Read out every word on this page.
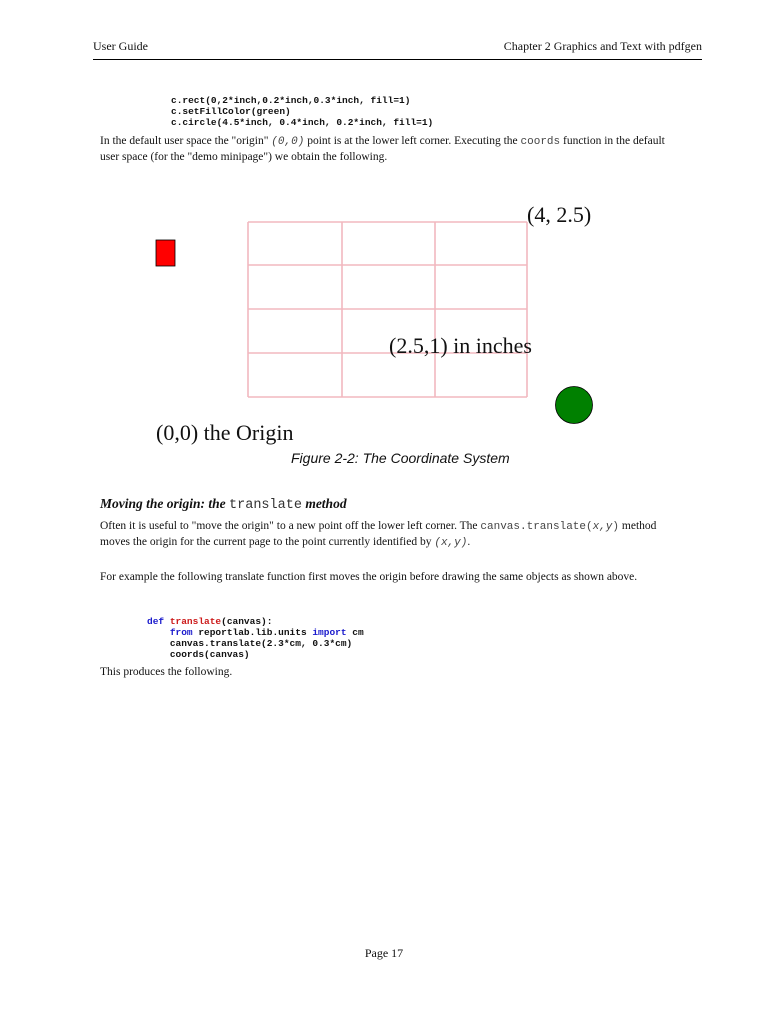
User Guide	Chapter 2 Graphics and Text with pdfgen
c.rect(0,2*inch,0.2*inch,0.3*inch, fill=1)
c.setFillColor(green)
c.circle(4.5*inch, 0.4*inch, 0.2*inch, fill=1)
In the default user space the "origin" (0,0) point is at the lower left corner. Executing the coords function in the default user space (for the "demo minipage") we obtain the following.
(4, 2.5)
(2.5,1) in inches
(0,0) the Origin
Figure 2-2: The Coordinate System
Moving the origin: the translate method
Often it is useful to "move the origin" to a new point off the lower left corner. The canvas.translate(x,y) method moves the origin for the current page to the point currently identified by (x,y).
For example the following translate function first moves the origin before drawing the same objects as shown above.
def translate(canvas):
from reportlab.lib.units import cm
canvas.translate(2.3*cm, 0.3*cm)
coords(canvas)
This produces the following.
Page 17
